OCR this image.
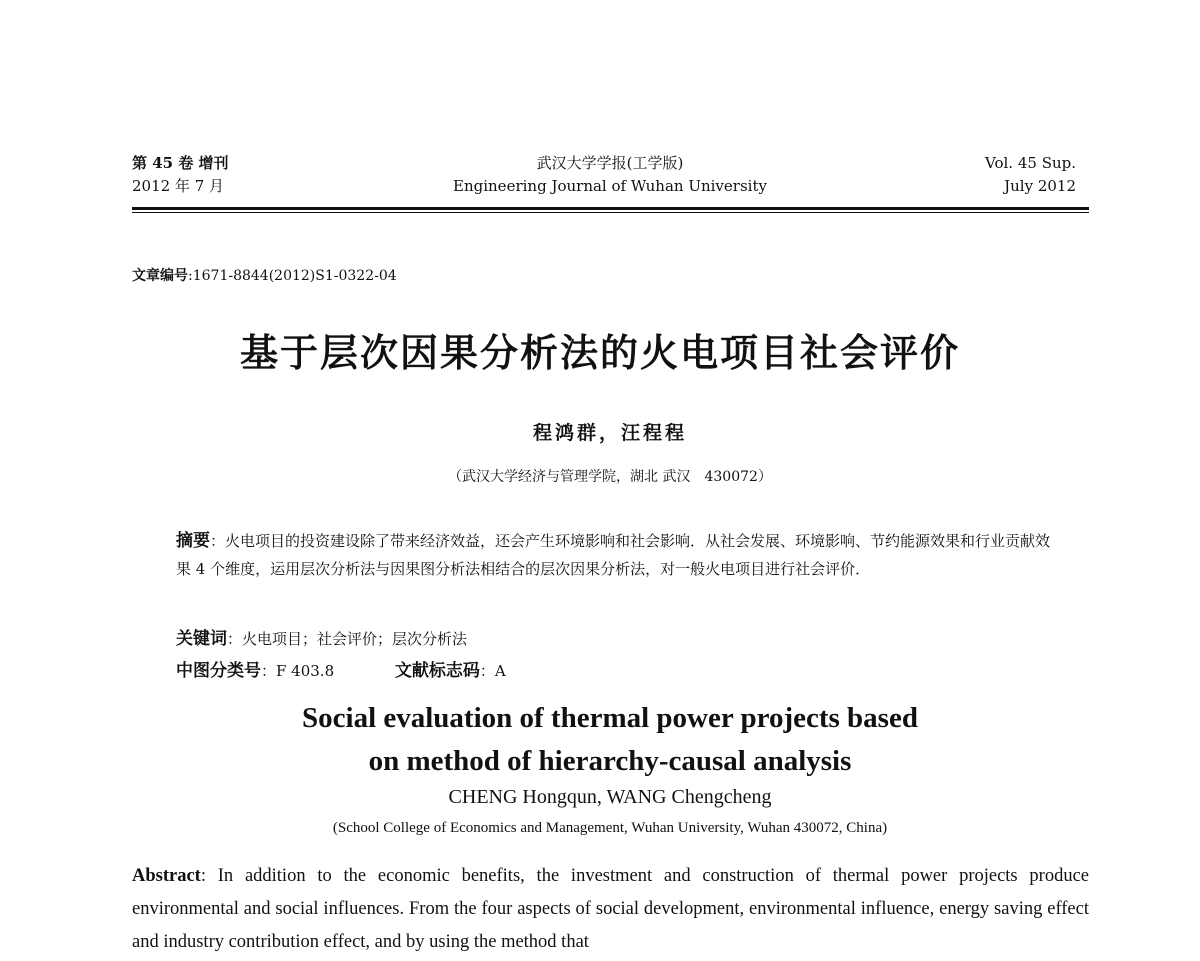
第 45 卷 增刊
2012 年 7 月
武汉大学学报(工学版)
Engineering Journal of Wuhan University
Vol. 45 Sup.
July 2012
文章编号:1671-8844(2012)S1-0322-04
基于层次因果分析法的火电项目社会评价
程鸿群，汪程程
（武汉大学经济与管理学院，湖北 武汉　430072）
摘要：火电项目的投资建设除了带来经济效益，还会产生环境影响和社会影响．从社会发展、环境影响、节约能源效果和行业贡献效果 4 个维度，运用层次分析法与因果图分析法相结合的层次因果分析法，对一般火电项目进行社会评价．
关键词：火电项目；社会评价；层次分析法
中图分类号：F 403.8	文献标志码：A
Social evaluation of thermal power projects based
on method of hierarchy-causal analysis
CHENG Hongqun, WANG Chengcheng
(School College of Economics and Management, Wuhan University, Wuhan 430072, China)
Abstract: In addition to the economic benefits, the investment and construction of thermal power projects produce environmental and social influences. From the four aspects of social development, environmental influence, energy saving effect and industry contribution effect, and by using the method that
